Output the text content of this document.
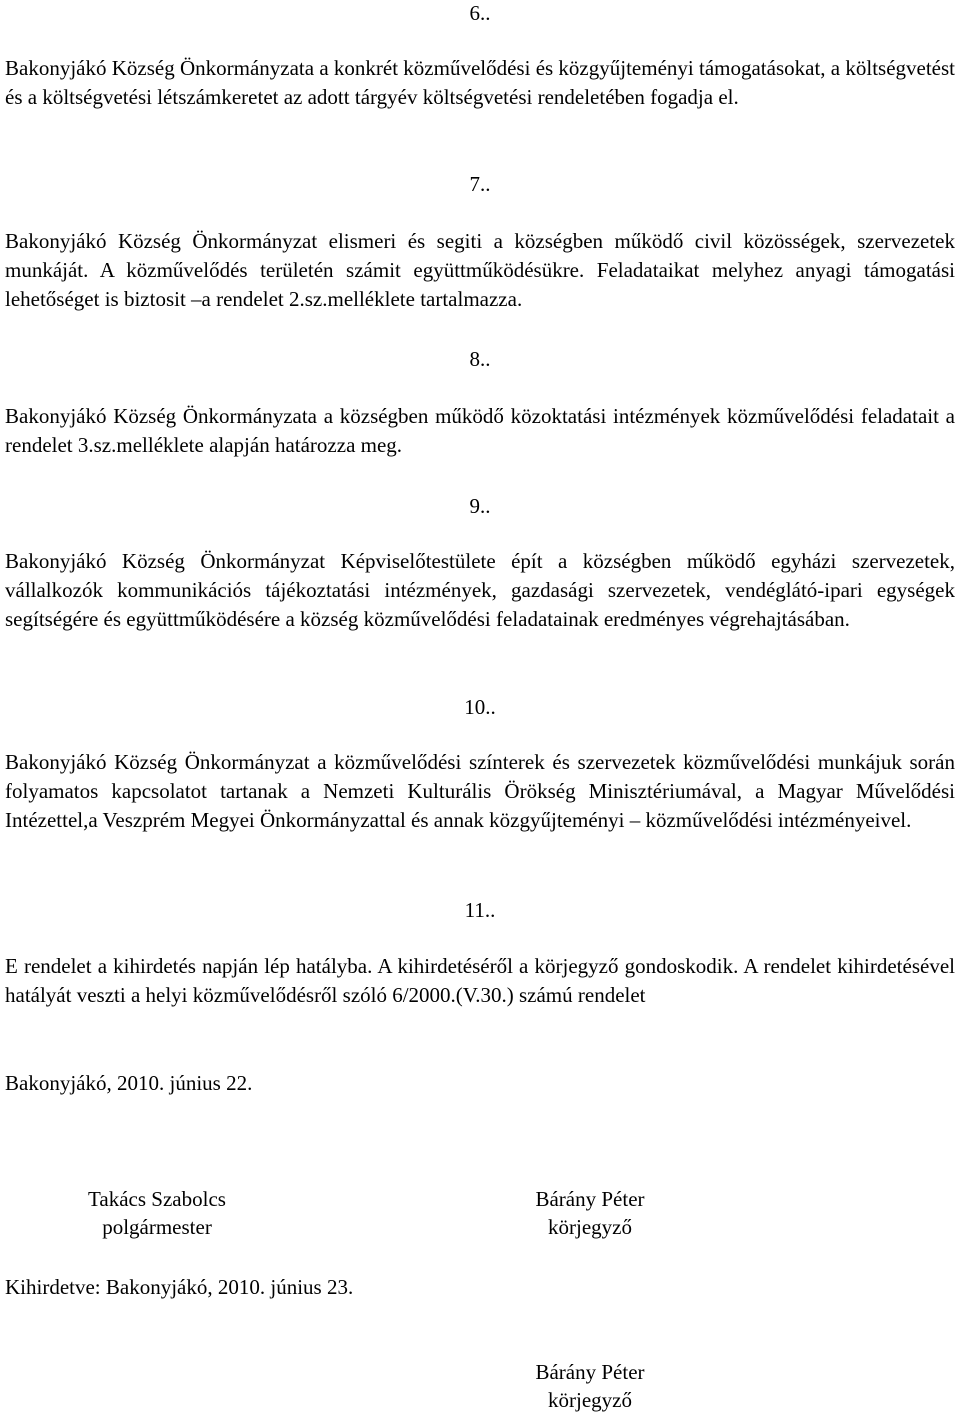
6..

Bakonyjákó Község Önkormányzata a konkrét közművelődési és közgyűjteményi támogatásokat, a költségvetést és a költségvetési létszámkeretet az adott tárgyév költségvetési rendeletében fogadja el.

7..

Bakonyjákó Község Önkormányzat elismeri és segiti a községben működő civil közösségek, szervezetek munkáját. A közművelődés területén számit együttműködésükre. Feladataikat melyhez anyagi támogatási lehetőséget is biztosit –a rendelet 2.sz.melléklete tartalmazza.

8..

Bakonyjákó Község Önkormányzata a községben működő közoktatási intézmények közművelődési feladatait a rendelet 3.sz.melléklete alapján határozza meg.

9..

Bakonyjákó Község Önkormányzat Képviselőtestülete épít a községben működő egyházi szervezetek, vállalkozók kommunikációs tájékoztatási intézmények, gazdasági szervezetek, vendéglátó-ipari egységek segítségére és együttműködésére a község közművelődési feladatainak eredményes végrehajtásában.

10..

Bakonyjákó Község Önkormányzat a közművelődési színterek és szervezetek közművelődési munkájuk során folyamatos kapcsolatot tartanak a Nemzeti Kulturális Örökség Minisztériumával, a Magyar Művelődési Intézettel,a Veszprém Megyei Önkormányzattal és annak közgyűjteményi – közművelődési intézményeivel.

11..

E rendelet a kihirdetés napján lép hatályba. A kihirdetéséről a körjegyző gondoskodik. A rendelet kihirdetésével hatályát veszti a helyi közművelődésről szóló 6/2000.(V.30.) számú rendelet

Bakonyjákó, 2010. június 22.
Takács Szabolcs
polgármester
Bárány Péter
körjegyző
Kihirdetve: Bakonyjákó, 2010. június 23.
Bárány Péter
körjegyző
